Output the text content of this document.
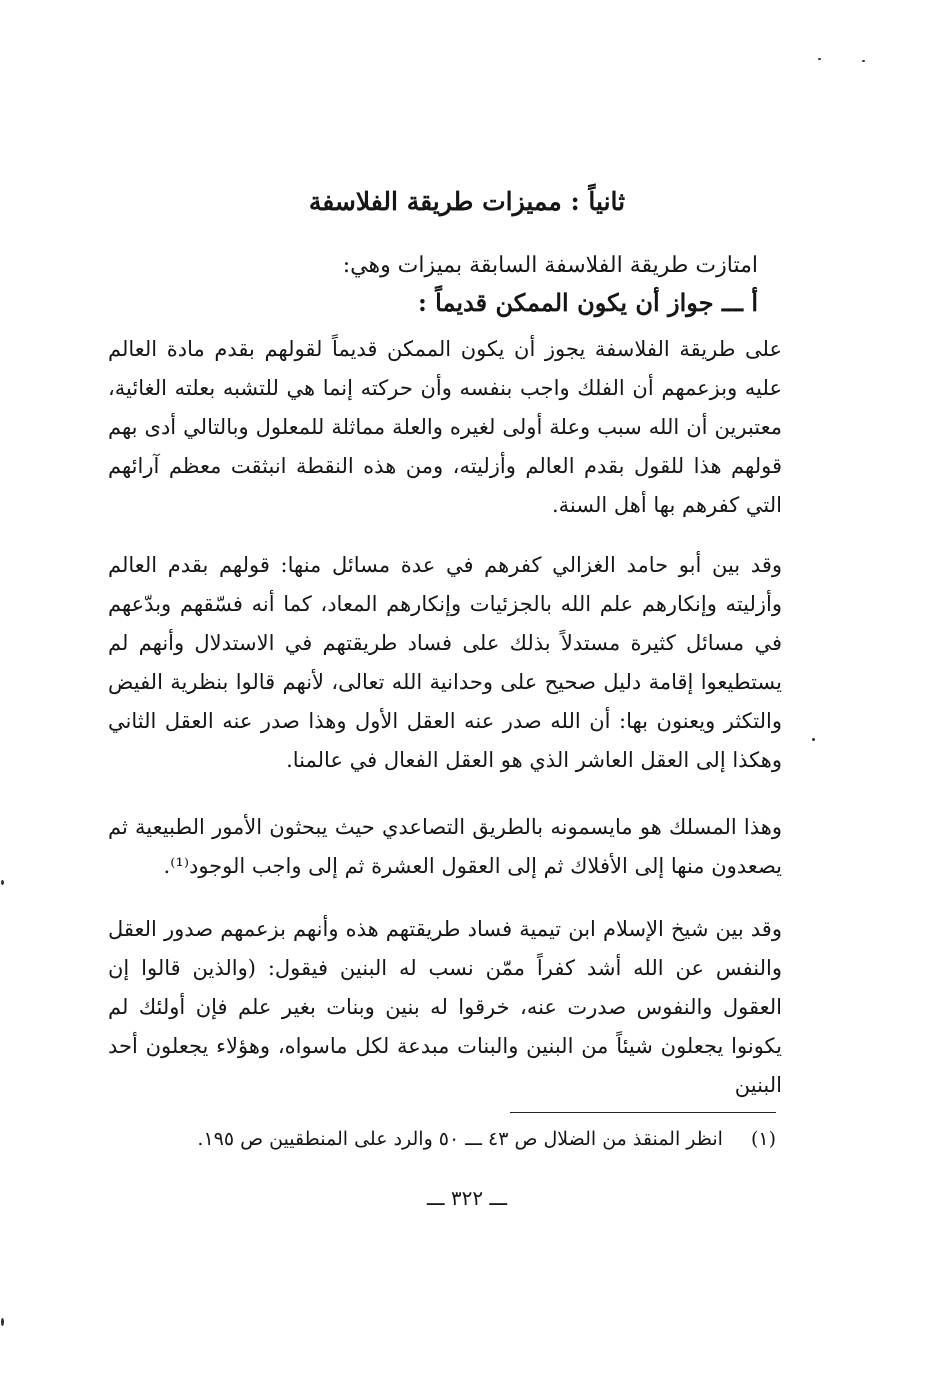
ثانياً : مميزات طريقة الفلاسفة
امتازت طريقة الفلاسفة السابقة بميزات وهي:
أ ـــ جواز أن يكون الممكن قديماً :
على طريقة الفلاسفة يجوز أن يكون الممكن قديماً لقولهم بقدم مادة العالم عليه وبزعمهم أن الفلك واجب بنفسه وأن حركته إنما هي للتشبه بعلته الغائية، معتبرين أن الله سبب وعلة أولى لغيره والعلة مماثلة للمعلول وبالتالي أدى بهم قولهم هذا للقول بقدم العالم وأزليته، ومن هذه النقطة انبثقت معظم آرائهم التي كفرهم بها أهل السنة.
وقد بين أبو حامد الغزالي كفرهم في عدة مسائل منها: قولهم بقدم العالم وأزليته وإنكارهم علم الله بالجزئيات وإنكارهم المعاد، كما أنه فسّقهم وبدّعهم في مسائل كثيرة مستدلاً بذلك على فساد طريقتهم في الاستدلال وأنهم لم يستطيعوا إقامة دليل صحيح على وحدانية الله تعالى، لأنهم قالوا بنظرية الفيض والتكثر ويعنون بها: أن الله صدر عنه العقل الأول وهذا صدر عنه العقل الثاني وهكذا إلى العقل العاشر الذي هو العقل الفعال في عالمنا.
وهذا المسلك هو مايسمونه بالطريق التصاعدي حيث يبحثون الأمور الطبيعية ثم يصعدون منها إلى الأفلاك ثم إلى العقول العشرة ثم إلى واجب الوجود⁽¹⁾.
وقد بين شيخ الإسلام ابن تيمية فساد طريقتهم هذه وأنهم بزعمهم صدور العقل والنفس عن الله أشد كفراً ممّن نسب له البنين فيقول: (والذين قالوا إن العقول والنفوس صدرت عنه، خرقوا له بنين وبنات بغير علم فإن أولئك لم يكونوا يجعلون شيئاً من البنين والبنات مبدعة لكل ماسواه، وهؤلاء يجعلون أحد البنين
(١)انظر المنقذ من الضلال ص ٤٣ ـــ ٥٠ والرد على المنطقيين ص ١٩٥.
ـــ ٣٢٢ ـــ
